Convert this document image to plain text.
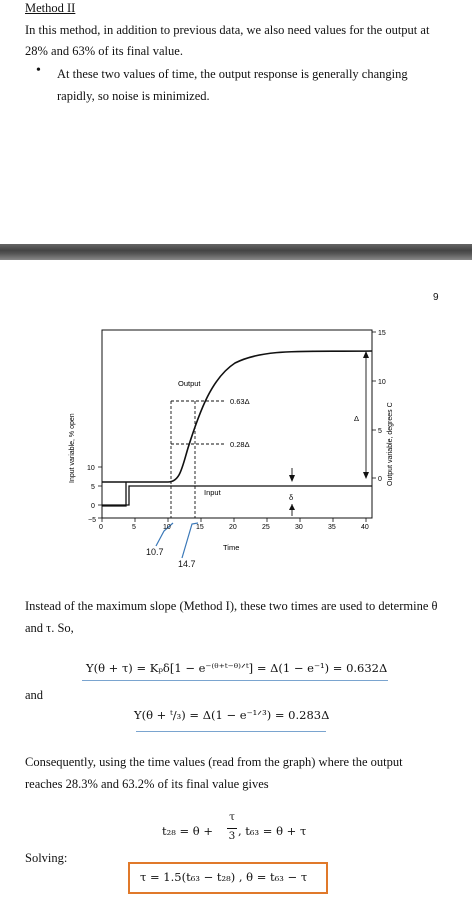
Method II
In this method, in addition to previous data, we also need values for the output at
28% and 63% of its final value.
• At these two values of time, the output response is generally changing
rapidly, so noise is minimized.
9
Output
0.63Δ
0.28Δ
Input
Δ
δ
Time
0	5	10	15	20	25	30	35	40
10
5
0
−5
15
10
5
0
Input variable, % open	Output variable, degrees C
10.7
14.7
Instead of the maximum slope (Method I), these two times are used to determine θ
and τ. So,
Y(θ + τ) = Kₚδ[1 − e⁻⁽ᶿ⁺ᵗ⁻ᶿ⁾ᐟᵗ] = Δ(1 − e⁻¹) = 0.632Δ
and
Y(θ + ᵗ/₃) = Δ(1 − e⁻¹ᐟ³) = 0.283Δ
Consequently, using the time values (read from the graph) where the output
reaches 28.3% and 63.2% of its final value gives
t₂₈ = θ +
τ
3 , t₆₃ = θ + τ
Solving:
τ = 1.5(t₆₃ − t₂₈) , θ = t₆₃ − τ
